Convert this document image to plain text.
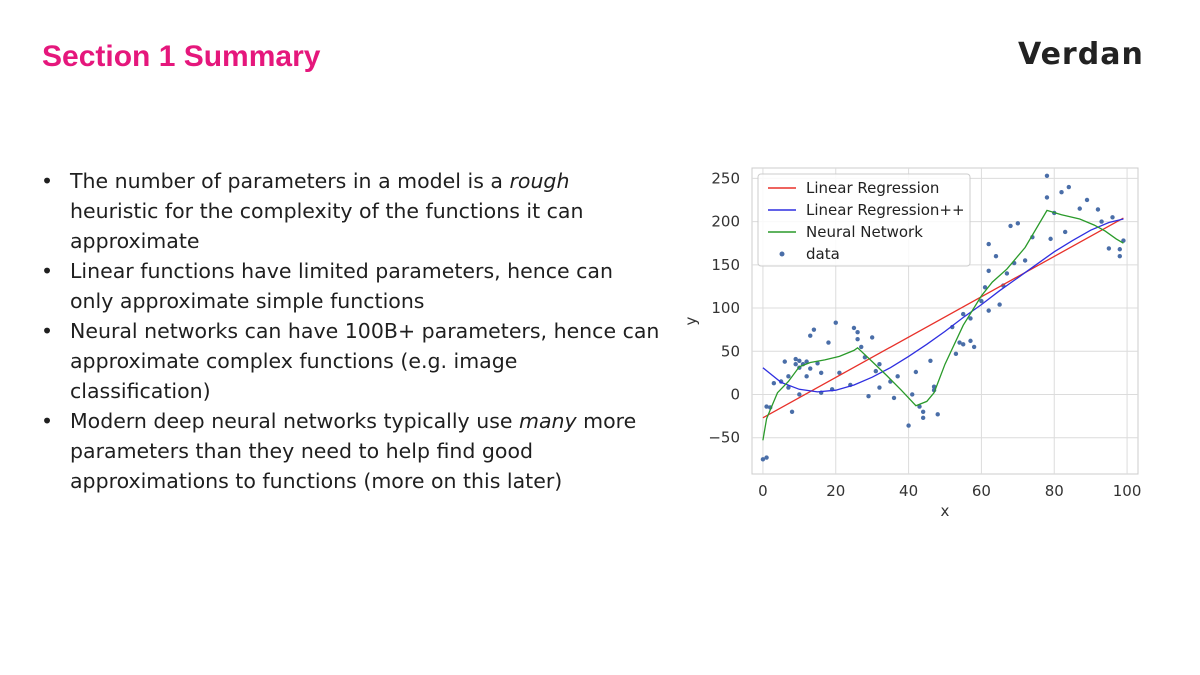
Section 1 Summary	Verdan
• The number of parameters in a model is a rough heuristic for the complexity of the functions it can approximate
• Linear functions have limited parameters, hence can only approximate simple functions
• Neural networks can have 100B+ parameters, hence can approximate complex functions (e.g. image classification)
• Modern deep neural networks typically use many more parameters than they need to help find good approximations to functions (more on this later)	0	20	40	60	80	100
−50
0
50
100
150
200
250
x
y
Linear Regression
Linear Regression++
Neural Network
data
